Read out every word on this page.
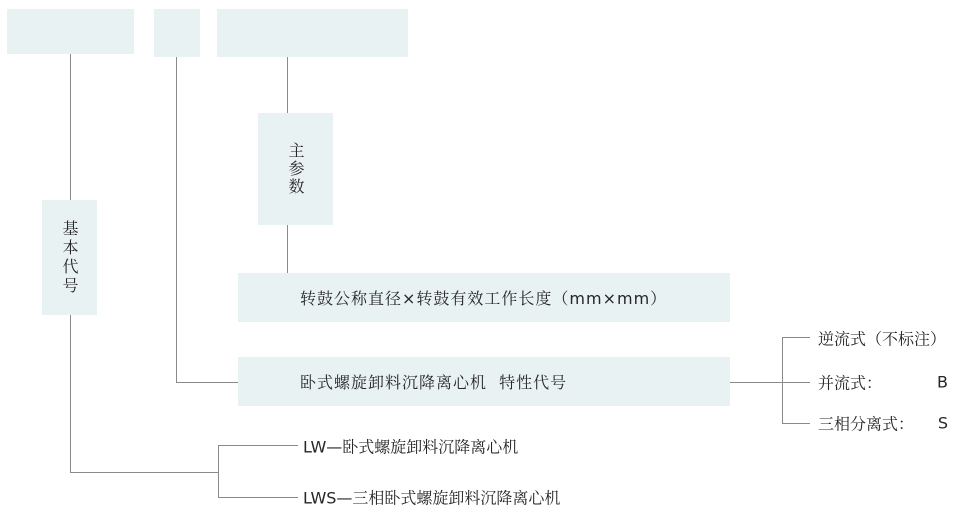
主参数
基本代号
转鼓公称直径×转鼓有效工作长度（mm×mm）
卧式螺旋卸料沉降离心机  特性代号
逆流式（不标注）
并流式：	B
三相分离式： S
LW—卧式螺旋卸料沉降离心机
LWS—三相卧式螺旋卸料沉降离心机
